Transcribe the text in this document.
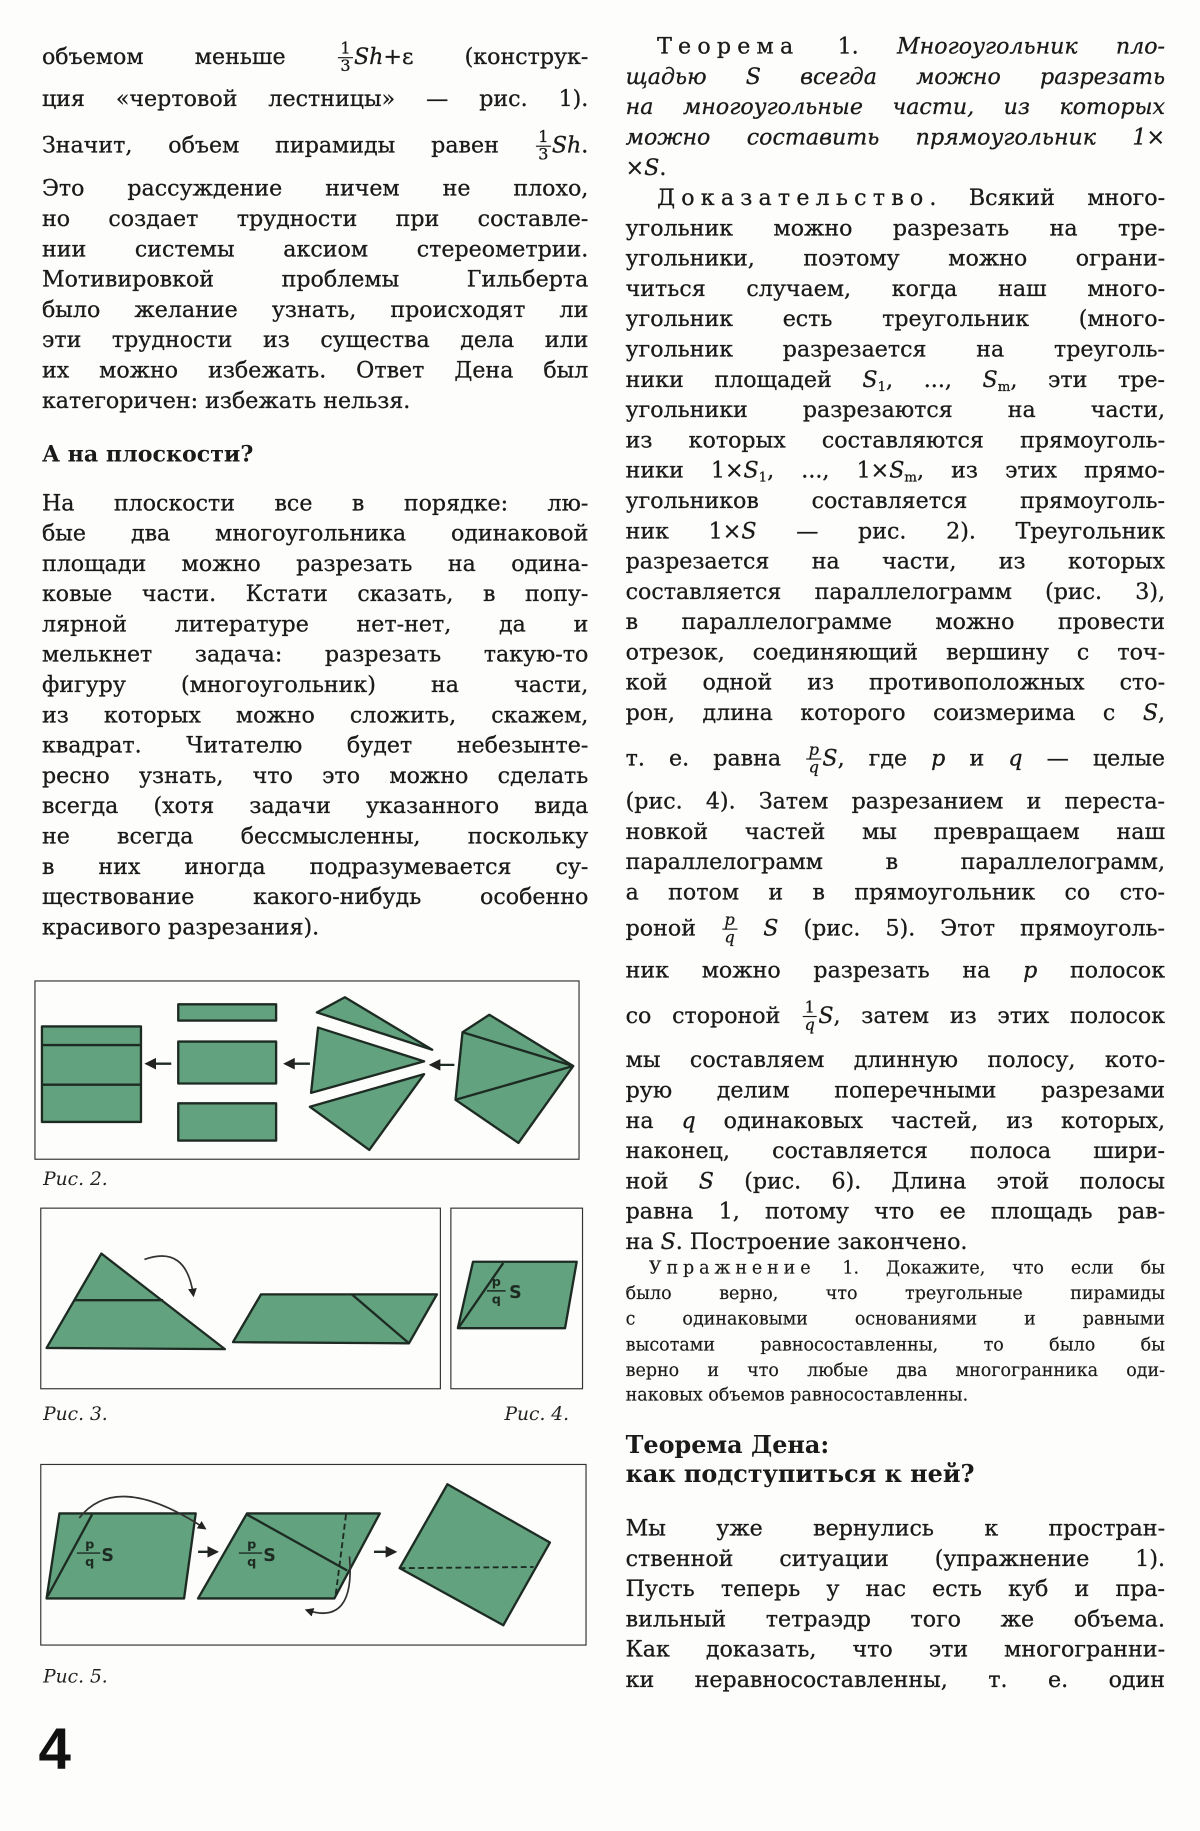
объемом меньше $\frac{1}{3} Sh+\varepsilon$ (конструк-
ция «чертовой лестницы» — рис. 1).
Значит, объем пирамиды равен $\frac{1}{3} Sh$.
Это рассуждение ничем не плохо,
но создает трудности при составле-
нии системы аксиом стереометрии.
Мотивировкой проблемы Гильберта
было желание узнать, происходят ли
эти трудности из существа дела или
их можно избежать. Ответ Дена был
категоричен: избежать нельзя.
А на плоскости?
На плоскости все в порядке: лю-
бые два многоугольника одинаковой
площади можно разрезать на одина-
ковые части. Кстати сказать, в попу-
лярной литературе нет-нет, да и
мелькнет задача: разрезать такую-то
фигуру (многоугольник) на части,
из которых можно сложить, скажем,
квадрат. Читателю будет небезынте-
ресно узнать, что это можно сделать
всегда (хотя задачи указанного вида
не всегда бессмысленны, поскольку
в них иногда подразумевается су-
ществование какого-нибудь особенно
красивого разрезания).
Теорема 1. Многоугольник пло-
щадью S всегда можно разрезать
на многоугольные части, из которых
можно составить прямоугольник 1×
×S.
Доказательство. Всякий много-
угольник можно разрезать на тре-
угольники, поэтому можно ограни-
читься случаем, когда наш много-
угольник есть треугольник (много-
угольник разрезается на треуголь-
ники площадей $S_1$, ..., $S_m$, эти тре-
угольники разрезаются на части,
из которых составляются прямоуголь-
ники $1\times S_1$, ..., $1\times S_m$, из этих прямо-
угольников составляется прямоуголь-
ник 1×S — рис. 2). Треугольник
разрезается на части, из которых
составляется параллелограмм (рис. 3),
в параллелограмме можно провести
отрезок, соединяющий вершину с точ-
кой одной из противоположных сто-
рон, длина которого соизмерима с S,
т. е. равна $\frac{p}{q} S$, где p и q — целые
(рис. 4). Затем разрезанием и переста-
новкой частей мы превращаем наш
параллелограмм в параллелограмм,
а потом и в прямоугольник со сто-
роной $\frac{p}{q}$ S (рис. 5). Этот прямоуголь-
ник можно разрезать на p полосок
со стороной $\frac{1}{q} S$, затем из этих полосок
мы составляем длинную полосу, кото-
рую делим поперечными разрезами
на q одинаковых частей, из которых,
наконец, составляется полоса шири-
ной S (рис. 6). Длина этой полосы
равна 1, потому что ее площадь рав-
на S. Построение закончено.
Упражнение 1. Докажите, что если бы
было верно, что треугольные пирамиды
с одинаковыми основаниями и равными
высотами равносоставленны, то было бы
верно и что любые два многогранника оди-
наковых объемов равносоставленны.
Теорема Дена:
как подступиться к ней?
Мы уже вернулись к простран-
ственной ситуации (упражнение 1).
Пусть теперь у нас есть куб и пра-
вильный тетраэдр того же объема.
Как доказать, что эти многогранни-
ки неравносоставленны, т. е. один
p
q S
p
q S
p
q S
Рис. 2.
Рис. 3.	Рис. 4.
Рис. 5.
4
